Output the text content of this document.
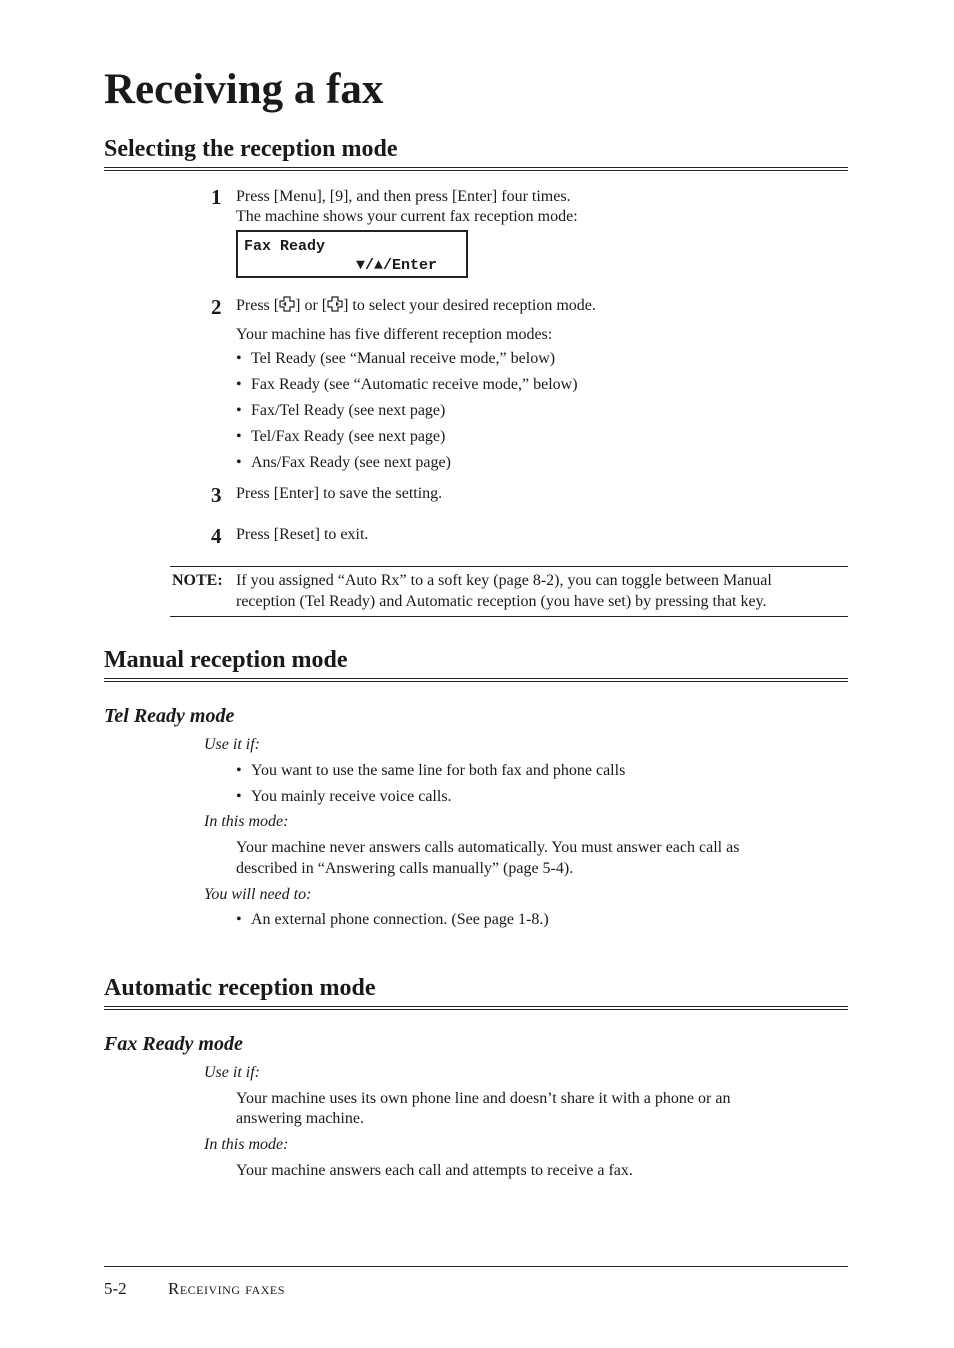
Receiving a fax
Selecting the reception mode
1 Press [Menu], [9], and then press [Enter] four times.
The machine shows your current fax reception mode:
Fax Ready
▼/▲/Enter
2 Press [ ] or [ ] to select your desired reception mode.
Your machine has five different reception modes:
• Tel Ready (see “Manual receive mode,” below)
• Fax Ready (see “Automatic receive mode,” below)
• Fax/Tel Ready (see next page)
• Tel/Fax Ready (see next page)
• Ans/Fax Ready (see next page)
3 Press [Enter] to save the setting.
4 Press [Reset] to exit.
NOTE: If you assigned “Auto Rx” to a soft key (page 8-2), you can toggle between Manual
reception (Tel Ready) and Automatic reception (you have set) by pressing that key.
Manual reception mode
Tel Ready mode
Use it if:
• You want to use the same line for both fax and phone calls
• You mainly receive voice calls.
In this mode:
Your machine never answers calls automatically. You must answer each call as
described in “Answering calls manually” (page 5-4).
You will need to:
• An external phone connection. (See page 1-8.)
Automatic reception mode
Fax Ready mode
Use it if:
Your machine uses its own phone line and doesn’t share it with a phone or an
answering machine.
In this mode:
Your machine answers each call and attempts to receive a fax.
5-2 Receiving faxes
